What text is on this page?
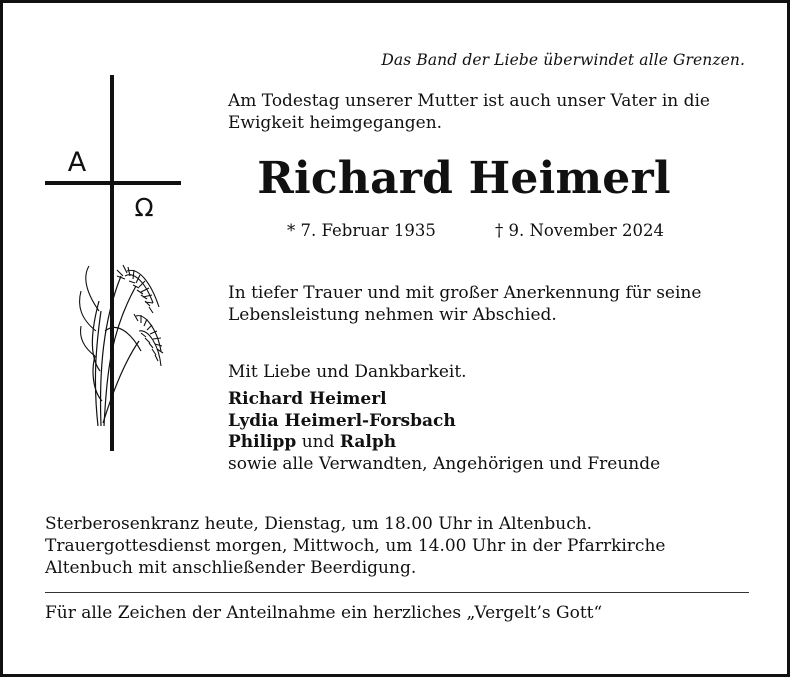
Das Band der Liebe überwindet alle Grenzen.
A
Ω
Am Todestag unserer Mutter ist auch unser Vater in die
Ewigkeit heimgegangen.
Richard Heimerl
* 7. Februar 1935	† 9. November 2024
In tiefer Trauer und mit großer Anerkennung für seine
Lebensleistung nehmen wir Abschied.
Mit Liebe und Dankbarkeit.
Richard Heimerl
Lydia Heimerl-Forsbach
Philipp und Ralph
sowie alle Verwandten, Angehörigen und Freunde
Sterberosenkranz heute, Dienstag, um 18.00 Uhr in Altenbuch.
Trauergottesdienst morgen, Mittwoch, um 14.00 Uhr in der Pfarrkirche
Altenbuch mit anschließender Beerdigung.
Für alle Zeichen der Anteilnahme ein herzliches „Vergelt’s Gott“
